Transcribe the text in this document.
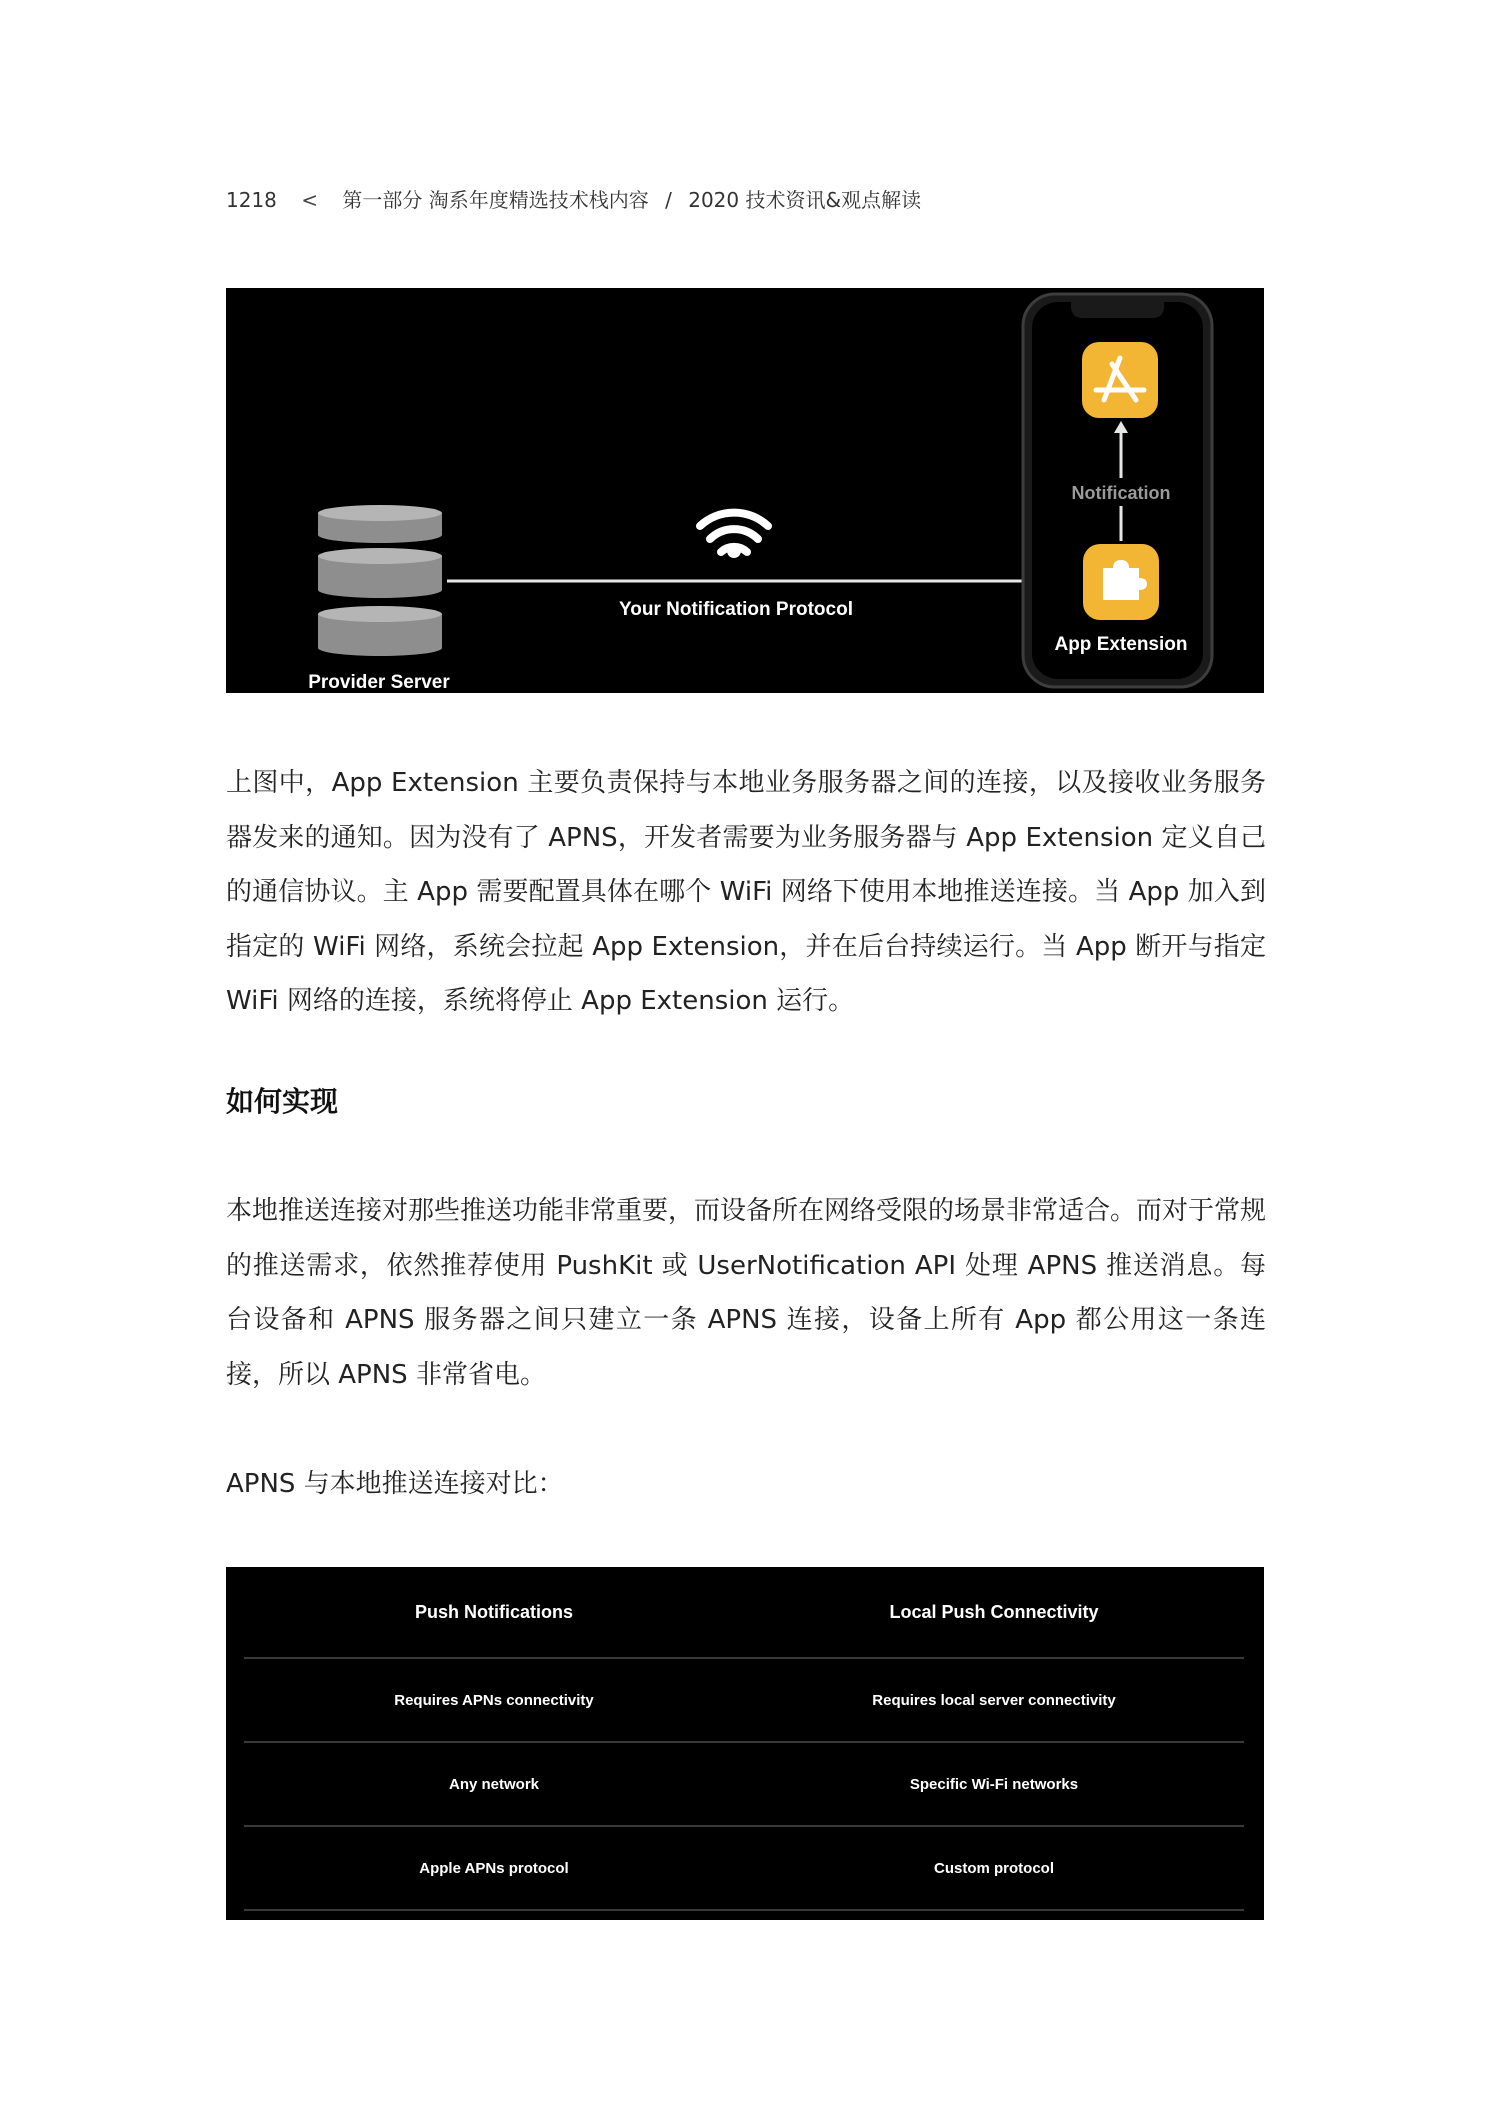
1218 < 第一部分 淘系年度精选技术栈内容 / 2020 技术资讯&观点解读
Provider Server
Your Notification Protocol
Notification
App Extension

上图中，App Extension 主要负责保持与本地业务服务器之间的连接，以及接收业务服务器发来的通知。因为没有了 APNS，开发者需要为业务服务器与 App Extension 定义自己的通信协议。主 App 需要配置具体在哪个 WiFi 网络下使用本地推送连接。当 App 加入到指定的 WiFi 网络，系统会拉起 App Extension，并在后台持续运行。当 App 断开与指定 WiFi 网络的连接，系统将停止 App Extension 运行。

如何实现

本地推送连接对那些推送功能非常重要，而设备所在网络受限的场景非常适合。而对于常规的推送需求，依然推荐使用 PushKit 或 UserNotification API 处理 APNS 推送消息。每台设备和 APNS 服务器之间只建立一条 APNS 连接，设备上所有 App 都公用这一条连接，所以 APNS 非常省电。

APNS 与本地推送连接对比：

Push Notifications	Local Push Connectivity
Requires APNs connectivity	Requires local server connectivity
Any network	Specific Wi-Fi networks
Apple APNs protocol	Custom protocol
